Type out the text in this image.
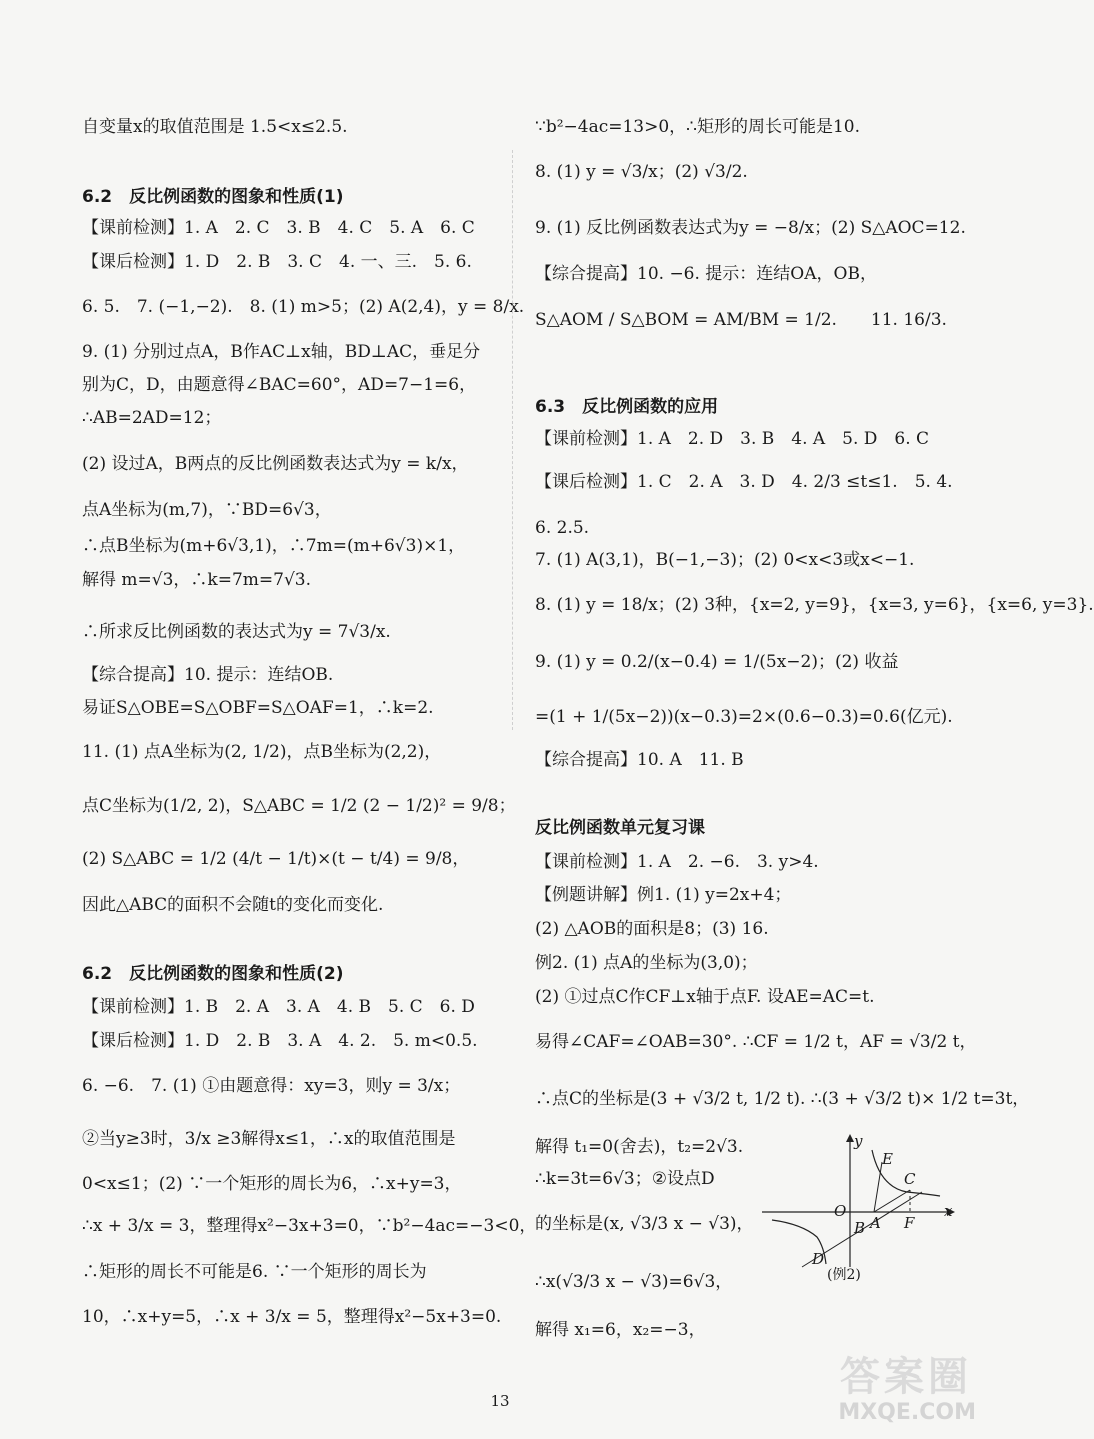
自变量x的取值范围是 1.5<x≤2.5.
6.2　反比例函数的图象和性质(1)
【课前检测】1. A　2. C　3. B　4. C　5. A　6. C
【课后检测】1. D　2. B　3. C　4. 一、三.　5. 6.
6. 5.　7. (−1,−2).　8. (1) m>5；(2) A(2,4)，y = 8/x.
9. (1) 分别过点A，B作AC⊥x轴，BD⊥AC，垂足分
别为C，D，由题意得∠BAC=60°，AD=7−1=6，
∴AB=2AD=12；
(2) 设过A，B两点的反比例函数表达式为y = k/x，
点A坐标为(m,7)，∵BD=6√3，
∴点B坐标为(m+6√3,1)，∴7m=(m+6√3)×1，
解得 m=√3，∴k=7m=7√3.
∴所求反比例函数的表达式为y = 7√3/x.
【综合提高】10. 提示：连结OB.
易证S△OBE=S△OBF=S△OAF=1，∴k=2.
11. (1) 点A坐标为(2, 1/2)，点B坐标为(2,2)，
点C坐标为(1/2, 2)，S△ABC = 1/2 (2 − 1/2)² = 9/8；
(2) S△ABC = 1/2 (4/t − 1/t)×(t − t/4) = 9/8，
因此△ABC的面积不会随t的变化而变化.
6.2　反比例函数的图象和性质(2)
【课前检测】1. B　2. A　3. A　4. B　5. C　6. D
【课后检测】1. D　2. B　3. A　4. 2.　5. m<0.5.
6. −6.　7. (1) ①由题意得：xy=3，则y = 3/x；
②当y≥3时，3/x ≥3解得x≤1，∴x的取值范围是
0<x≤1；(2) ∵一个矩形的周长为6，∴x+y=3，
∴x + 3/x = 3，整理得x²−3x+3=0，∵b²−4ac=−3<0，
∴矩形的周长不可能是6. ∵一个矩形的周长为
10，∴x+y=5，∴x + 3/x = 5，整理得x²−5x+3=0.
∵b²−4ac=13>0，∴矩形的周长可能是10.
8. (1) y = √3/x；(2) √3/2.
9. (1) 反比例函数表达式为y = −8/x；(2) S△AOC=12.
【综合提高】10. −6. 提示：连结OA，OB，
S△AOM / S△BOM = AM/BM = 1/2.　　11. 16/3.
6.3　反比例函数的应用
【课前检测】1. A　2. D　3. B　4. A　5. D　6. C
【课后检测】1. C　2. A　3. D　4. 2/3 ≤t≤1.　5. 4.
6. 2.5.
7. (1) A(3,1)，B(−1,−3)；(2) 0<x<3或x<−1.
8. (1) y = 18/x；(2) 3种，{x=2, y=9}，{x=3, y=6}，{x=6, y=3}.
9. (1) y = 0.2/(x−0.4) = 1/(5x−2)；(2) 收益
=(1 + 1/(5x−2))(x−0.3)=2×(0.6−0.3)=0.6(亿元).
【综合提高】10. A　11. B
反比例函数单元复习课
【课前检测】1. A　2. −6.　3. y>4.
【例题讲解】例1. (1) y=2x+4；
(2) △AOB的面积是8；(3) 16.
例2. (1) 点A的坐标为(3,0)；
(2) ①过点C作CF⊥x轴于点F. 设AE=AC=t.
易得∠CAF=∠OAB=30°. ∴CF = 1/2 t，AF = √3/2 t，
∴点C的坐标是(3 + √3/2 t, 1/2 t). ∴(3 + √3/2 t)× 1/2 t=3t，
解得 t₁=0(舍去)，t₂=2√3.
∴k=3t=6√3；②设点D
的坐标是(x, √3/3 x − √3)，
∴x(√3/3 x − √3)=6√3，
解得 x₁=6，x₂=−3，
y
x
E
C
O
A F
B
D
(例2)
13
答案圈
MXQE.COM
